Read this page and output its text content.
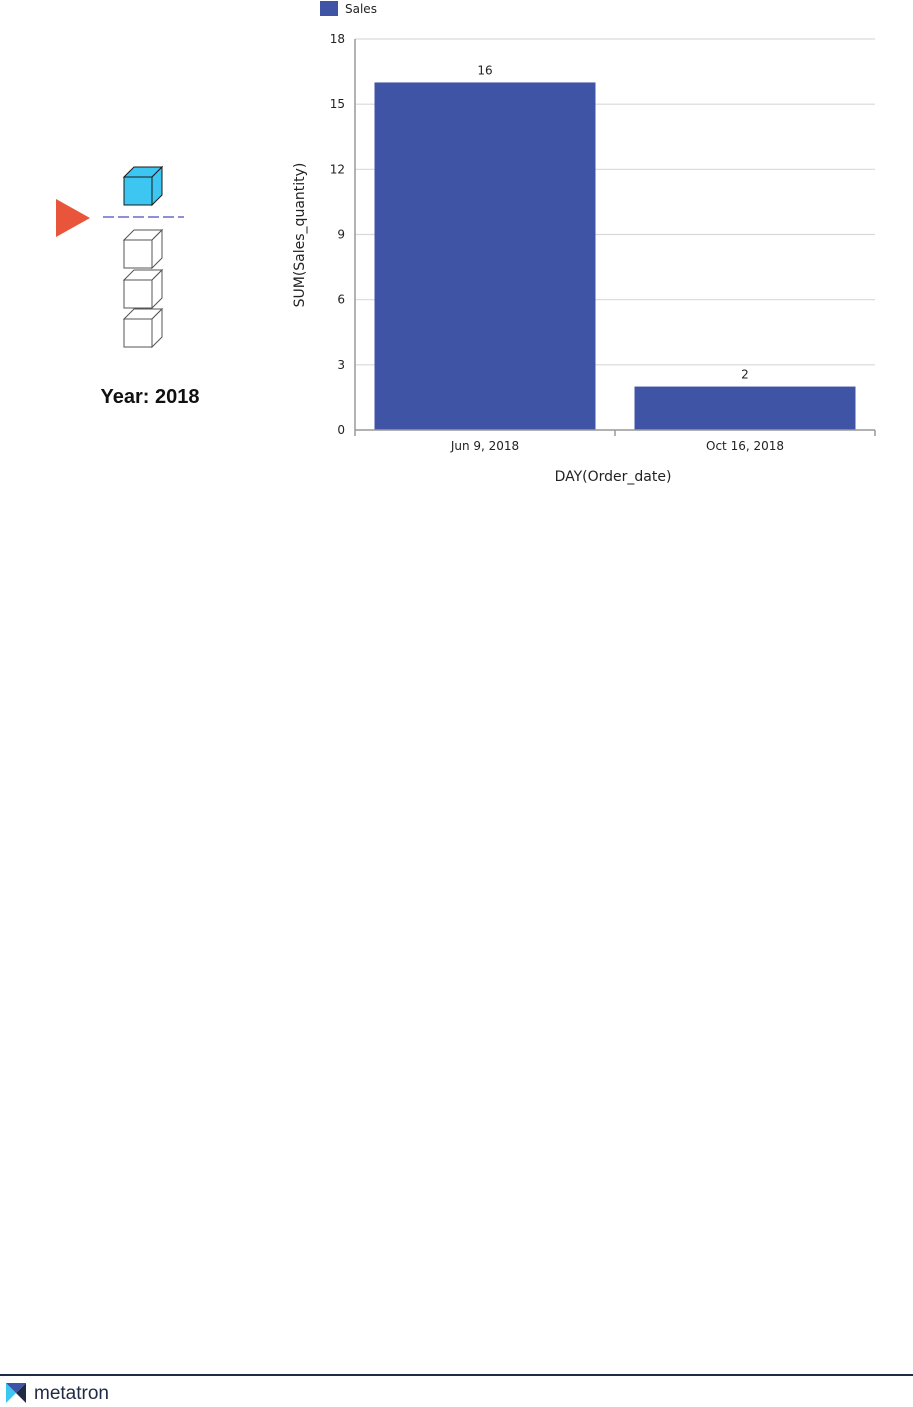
Year: 2018
0
3
6
9
12
15
18
16
2
Jun 9, 2018	Oct 16, 2018
Sales
DAY(Order_date)
SUM(Sales_quantity)
metatron
